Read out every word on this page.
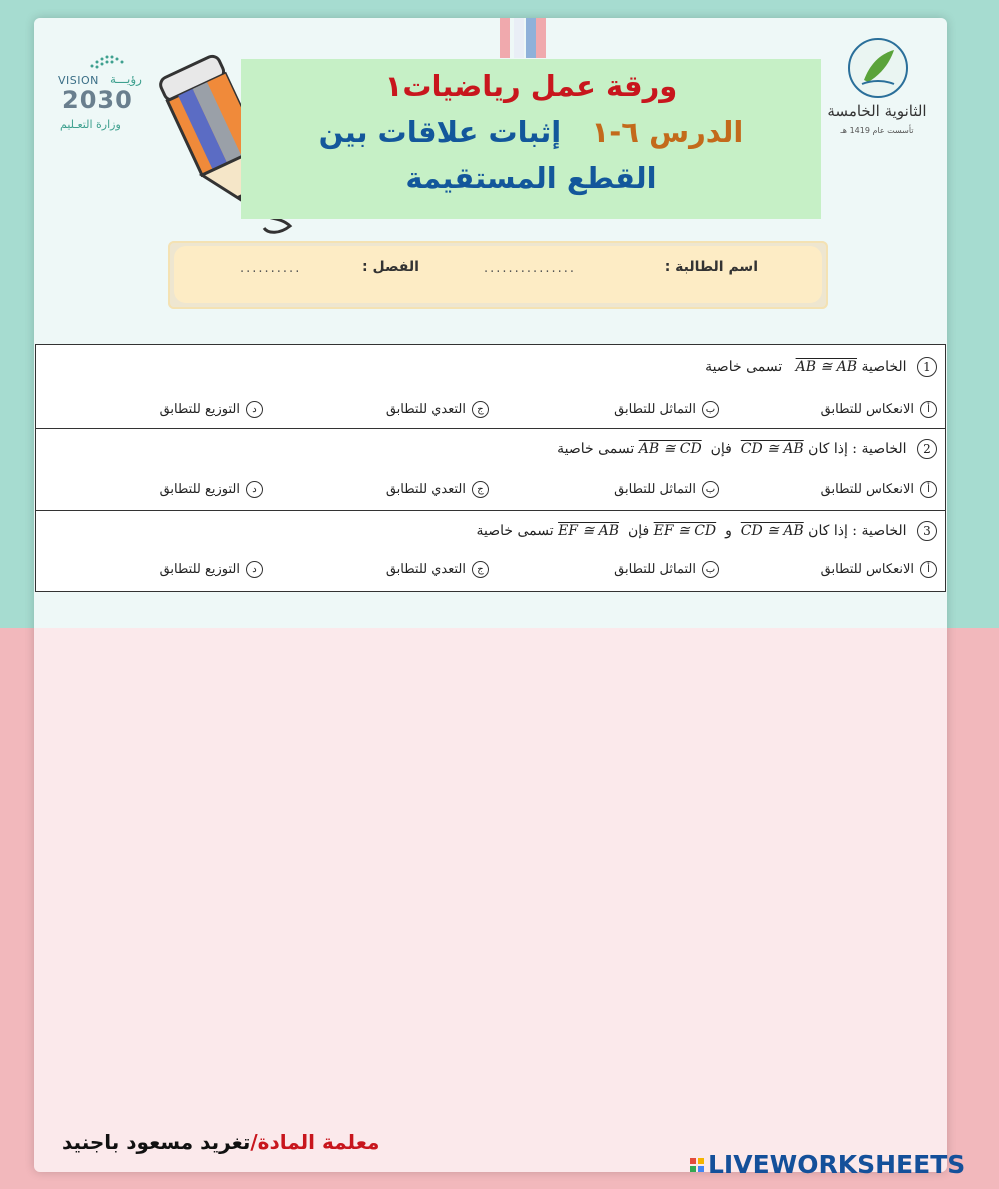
VISION رؤيـــة
2030
وزارة التعـليم
ورقة عمل رياضيات١
الدرس ٦-١   إثبات علاقات بين
القطع المستقيمة
الثانوية الخامسة
تأسست عام 1419 هـ
اسم الطالبة :
...............
الفصل :
..........
1 الخاصية AB ≅ AB   تسمى خاصية
أالانعكاس للتطابق
بالتماثل للتطابق
جالتعدي للتطابق
دالتوزيع للتطابق
2 الخاصية : إذا كان CD ≅ AB  فإن  AB ≅ CD تسمى خاصية
أالانعكاس للتطابق
بالتماثل للتطابق
جالتعدي للتطابق
دالتوزيع للتطابق
3 الخاصية : إذا كان CD ≅ AB  و  EF ≅ CD فإن  EF ≅ AB تسمى خاصية
أالانعكاس للتطابق
بالتماثل للتطابق
جالتعدي للتطابق
دالتوزيع للتطابق
معلمة المادة/تغريد مسعود باجنيد
LIVEWORKSHEETS
